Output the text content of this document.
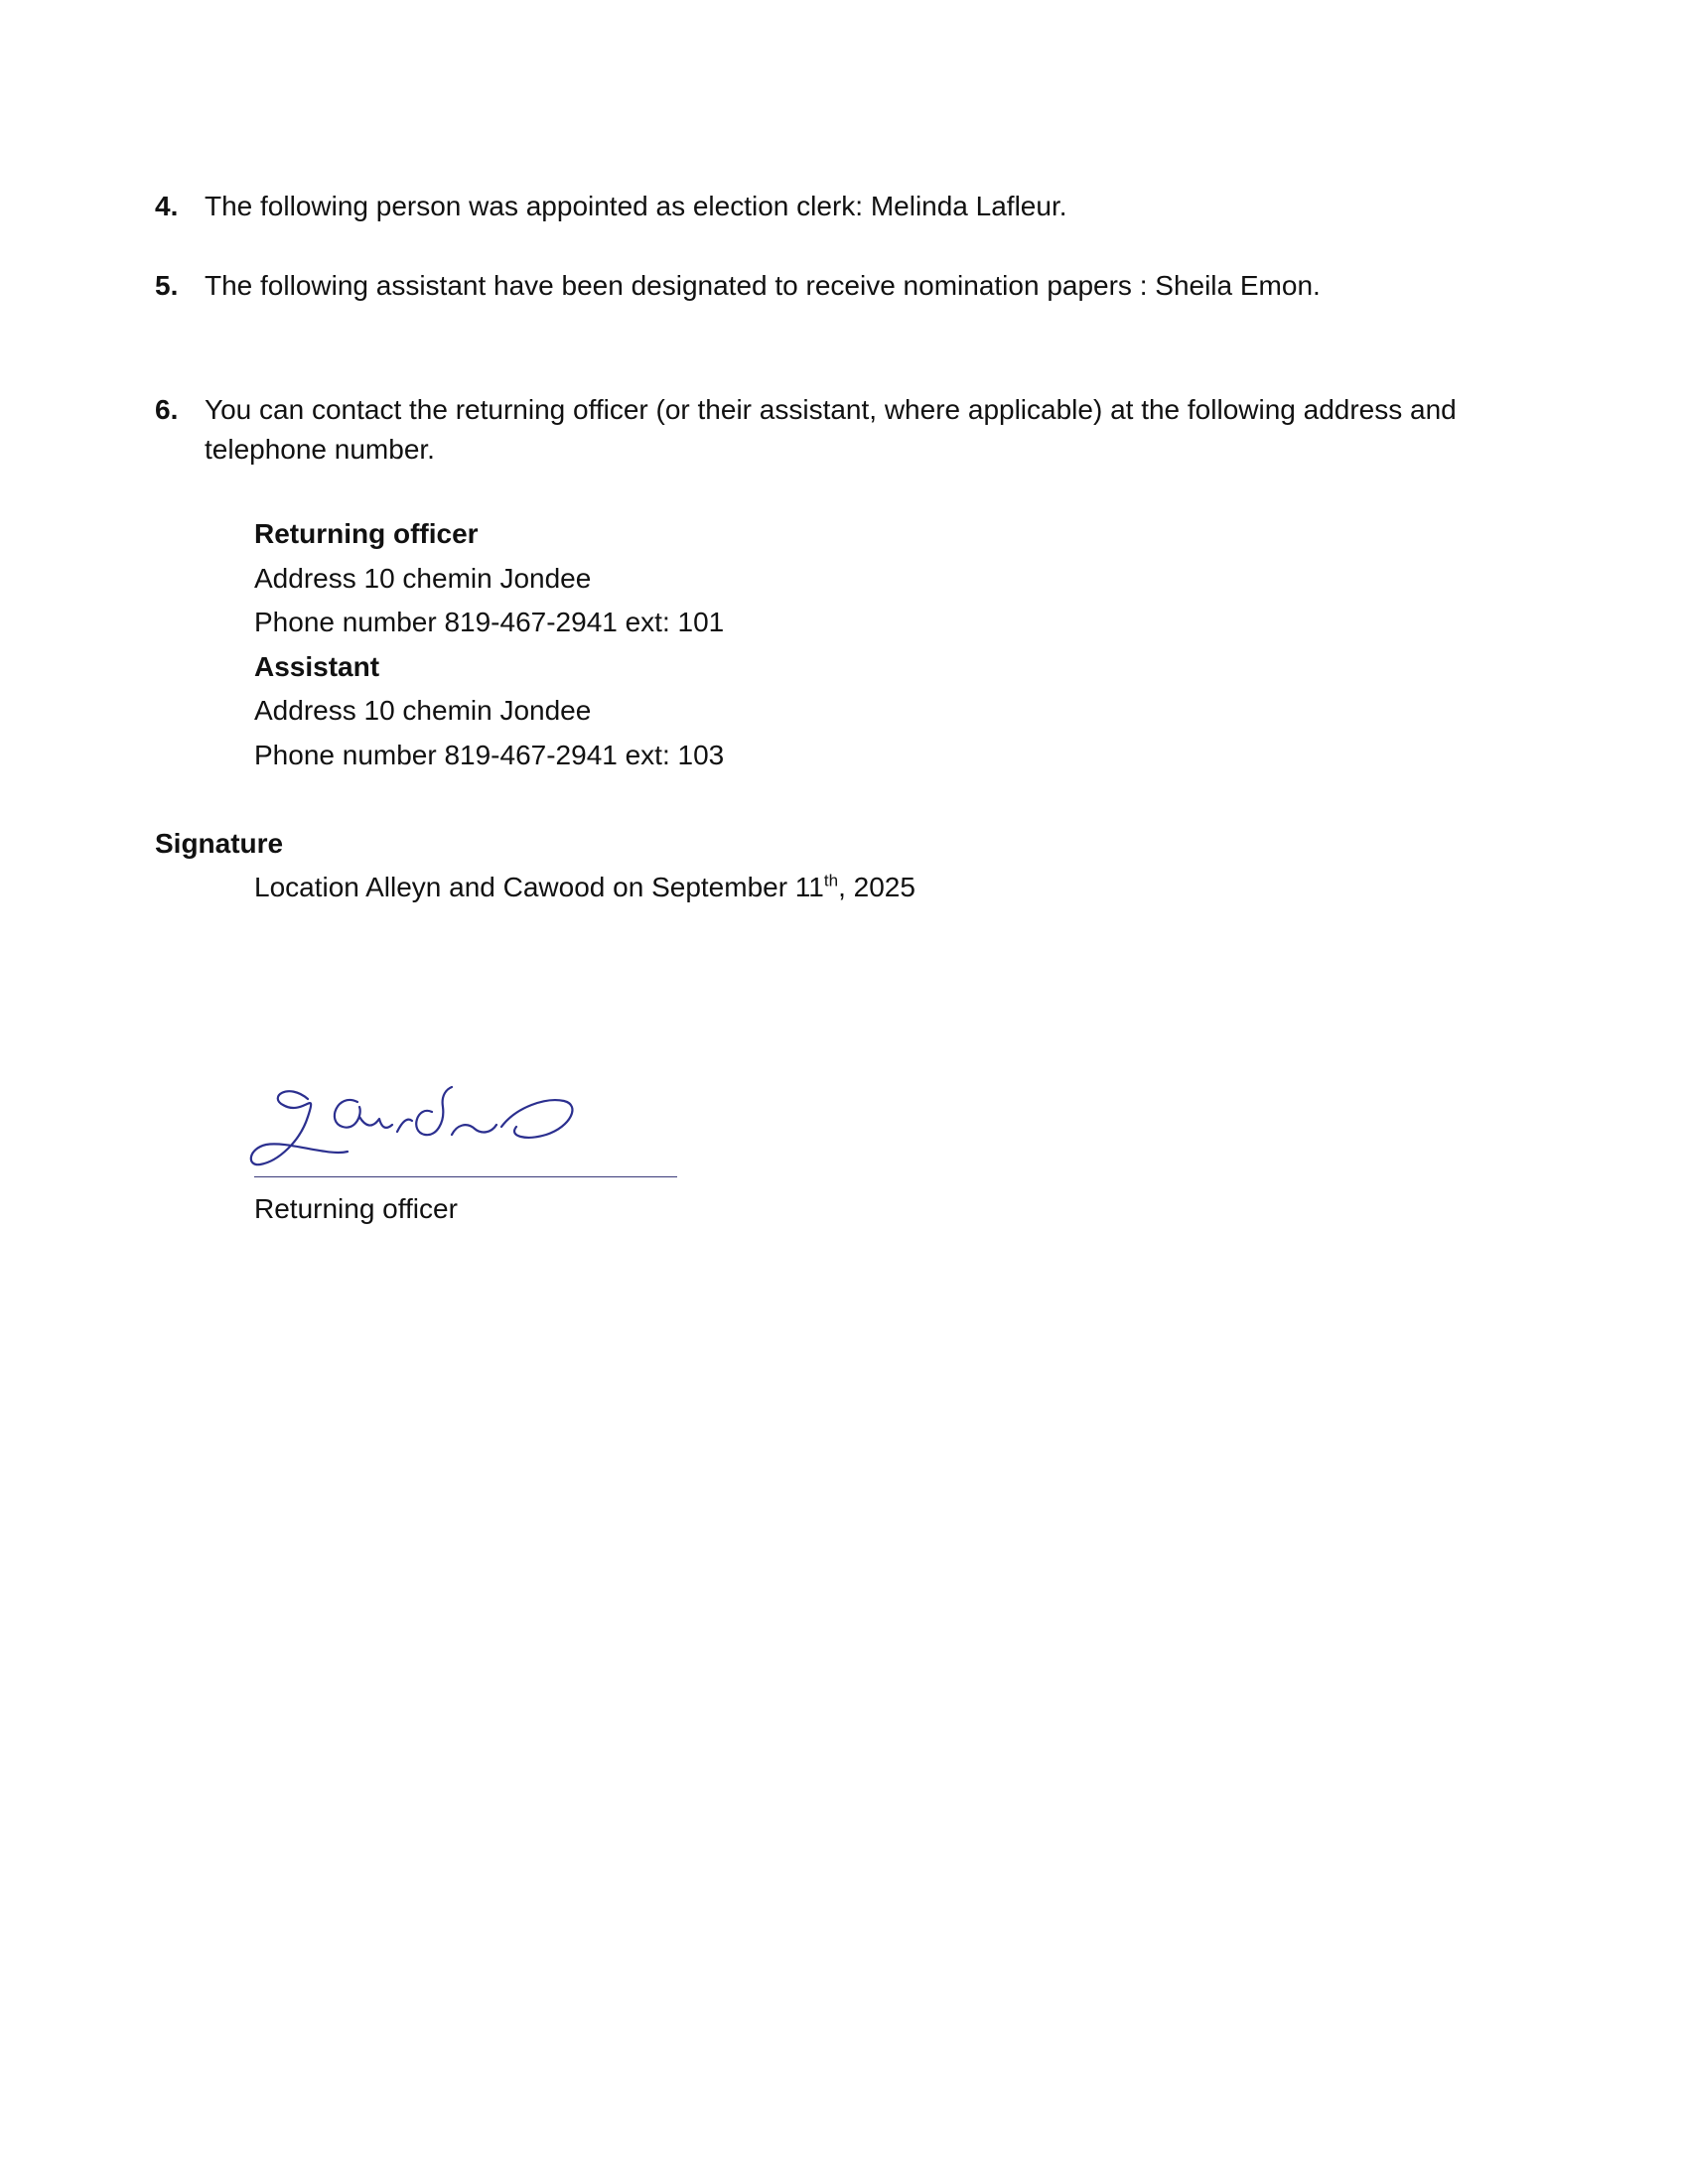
4. The following person was appointed as election clerk: Melinda Lafleur.
5. The following assistant have been designated to receive nomination papers : Sheila Emon.
6. You can contact the returning officer (or their assistant, where applicable) at the following address and telephone number.
Returning officer
Address 10 chemin Jondee
Phone number 819-467-2941 ext: 101
Assistant
Address 10 chemin Jondee
Phone number 819-467-2941 ext: 103
Signature
Location Alleyn and Cawood on September 11th, 2025
Returning officer
